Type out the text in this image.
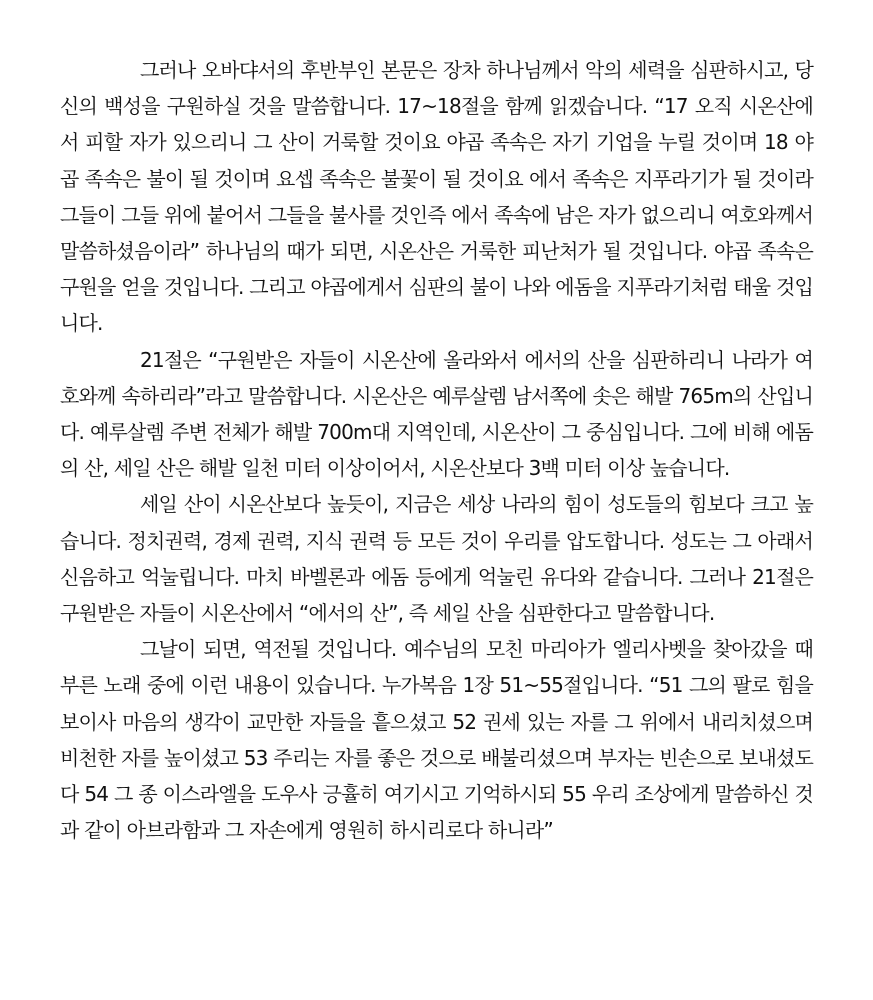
그러나 오바댜서의 후반부인 본문은 장차 하나님께서 악의 세력을 심판하시고, 당신의 백성을 구원하실 것을 말씀합니다. 17~18절을 함께 읽겠습니다. “17 오직 시온산에서 피할 자가 있으리니 그 산이 거룩할 것이요 야곱 족속은 자기 기업을 누릴 것이며 18 야곱 족속은 불이 될 것이며 요셉 족속은 불꽃이 될 것이요 에서 족속은 지푸라기가 될 것이라 그들이 그들 위에 붙어서 그들을 불사를 것인즉 에서 족속에 남은 자가 없으리니 여호와께서 말씀하셨음이라” 하나님의 때가 되면, 시온산은 거룩한 피난처가 될 것입니다. 야곱 족속은 구원을 얻을 것입니다. 그리고 야곱에게서 심판의 불이 나와 에돔을 지푸라기처럼 태울 것입니다.

21절은 “구원받은 자들이 시온산에 올라와서 에서의 산을 심판하리니 나라가 여호와께 속하리라”라고 말씀합니다. 시온산은 예루살렘 남서쪽에 솟은 해발 765m의 산입니다. 예루살렘 주변 전체가 해발 700m대 지역인데, 시온산이 그 중심입니다. 그에 비해 에돔의 산, 세일 산은 해발 일천 미터 이상이어서, 시온산보다 3백 미터 이상 높습니다.

세일 산이 시온산보다 높듯이, 지금은 세상 나라의 힘이 성도들의 힘보다 크고 높습니다. 정치권력, 경제 권력, 지식 권력 등 모든 것이 우리를 압도합니다. 성도는 그 아래서 신음하고 억눌립니다. 마치 바벨론과 에돔 등에게 억눌린 유다와 같습니다. 그러나 21절은 구원받은 자들이 시온산에서 “에서의 산”, 즉 세일 산을 심판한다고 말씀합니다.

그날이 되면, 역전될 것입니다. 예수님의 모친 마리아가 엘리사벳을 찾아갔을 때 부른 노래 중에 이런 내용이 있습니다. 누가복음 1장 51~55절입니다. “51 그의 팔로 힘을 보이사 마음의 생각이 교만한 자들을 흩으셨고 52 권세 있는 자를 그 위에서 내리치셨으며 비천한 자를 높이셨고 53 주리는 자를 좋은 것으로 배불리셨으며 부자는 빈손으로 보내셨도다 54 그 종 이스라엘을 도우사 긍휼히 여기시고 기억하시되 55 우리 조상에게 말씀하신 것과 같이 아브라함과 그 자손에게 영원히 하시리로다 하니라”
